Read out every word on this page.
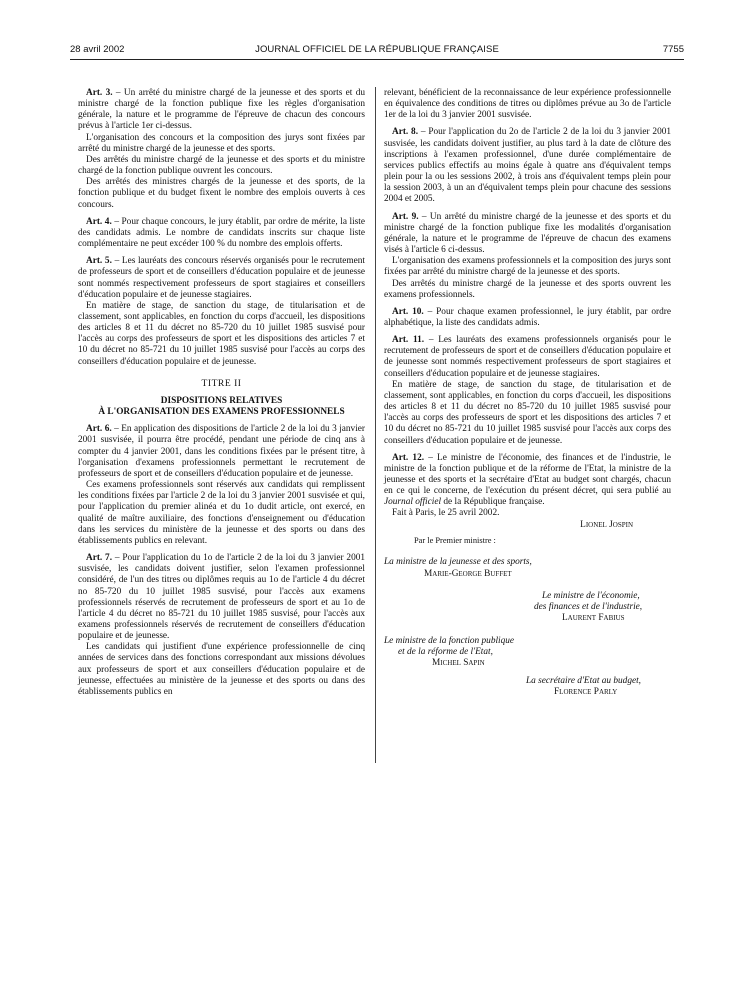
28 avril 2002	JOURNAL OFFICIEL DE LA RÉPUBLIQUE FRANÇAISE	7755

Art. 3. – Un arrêté du ministre chargé de la jeunesse et des sports et du ministre chargé de la fonction publique fixe les règles d'organisation générale, la nature et le programme de l'épreuve de chacun des concours prévus à l'article 1er ci-dessus.

L'organisation des concours et la composition des jurys sont fixées par arrêté du ministre chargé de la jeunesse et des sports.

Des arrêtés du ministre chargé de la jeunesse et des sports et du ministre chargé de la fonction publique ouvrent les concours.

Des arrêtés des ministres chargés de la jeunesse et des sports, de la fonction publique et du budget fixent le nombre des emplois ouverts à ces concours.

Art. 4. – Pour chaque concours, le jury établit, par ordre de mérite, la liste des candidats admis. Le nombre de candidats inscrits sur chaque liste complémentaire ne peut excéder 100 % du nombre des emplois offerts.

Art. 5. – Les lauréats des concours réservés organisés pour le recrutement de professeurs de sport et de conseillers d'éducation populaire et de jeunesse sont nommés respectivement professeurs de sport stagiaires et conseillers d'éducation populaire et de jeunesse stagiaires.

En matière de stage, de sanction du stage, de titularisation et de classement, sont applicables, en fonction du corps d'accueil, les dispositions des articles 8 et 11 du décret no 85-720 du 10 juillet 1985 susvisé pour l'accès au corps des professeurs de sport et les dispositions des articles 7 et 10 du décret no 85-721 du 10 juillet 1985 susvisé pour l'accès au corps des conseillers d'éducation populaire et de jeunesse.

TITRE II
DISPOSITIONS RELATIVES
À L'ORGANISATION DES EXAMENS PROFESSIONNELS

Art. 6. – En application des dispositions de l'article 2 de la loi du 3 janvier 2001 susvisée, il pourra être procédé, pendant une période de cinq ans à compter du 4 janvier 2001, dans les conditions fixées par le présent titre, à l'organisation d'examens professionnels permettant le recrutement de professeurs de sport et de conseillers d'éducation populaire et de jeunesse.

Ces examens professionnels sont réservés aux candidats qui remplissent les conditions fixées par l'article 2 de la loi du 3 janvier 2001 susvisée et qui, pour l'application du premier alinéa et du 1o dudit article, ont exercé, en qualité de maître auxiliaire, des fonctions d'enseignement ou d'éducation dans les services du ministère de la jeunesse et des sports ou dans des établissements publics en relevant.

Art. 7. – Pour l'application du 1o de l'article 2 de la loi du 3 janvier 2001 susvisée, les candidats doivent justifier, selon l'examen professionnel considéré, de l'un des titres ou diplômes requis au 1o de l'article 4 du décret no 85-720 du 10 juillet 1985 susvisé, pour l'accès aux examens professionnels réservés de recrutement de professeurs de sport et au 1o de l'article 4 du décret no 85-721 du 10 juillet 1985 susvisé, pour l'accès aux examens professionnels réservés de recrutement de conseillers d'éducation populaire et de jeunesse.

Les candidats qui justifient d'une expérience professionnelle de cinq années de services dans des fonctions correspondant aux missions dévolues aux professeurs de sport et aux conseillers d'éducation populaire et de jeunesse, effectuées au ministère de la jeunesse et des sports ou dans des établissements publics en

relevant, bénéficient de la reconnaissance de leur expérience professionnelle en équivalence des conditions de titres ou diplômes prévue au 3o de l'article 1er de la loi du 3 janvier 2001 susvisée.

Art. 8. – Pour l'application du 2o de l'article 2 de la loi du 3 janvier 2001 susvisée, les candidats doivent justifier, au plus tard à la date de clôture des inscriptions à l'examen professionnel, d'une durée complémentaire de services publics effectifs au moins égale à quatre ans d'équivalent temps plein pour la ou les sessions 2002, à trois ans d'équivalent temps plein pour la session 2003, à un an d'équivalent temps plein pour chacune des sessions 2004 et 2005.

Art. 9. – Un arrêté du ministre chargé de la jeunesse et des sports et du ministre chargé de la fonction publique fixe les modalités d'organisation générale, la nature et le programme de l'épreuve de chacun des examens visés à l'article 6 ci-dessus.

L'organisation des examens professionnels et la composition des jurys sont fixées par arrêté du ministre chargé de la jeunesse et des sports.

Des arrêtés du ministre chargé de la jeunesse et des sports ouvrent les examens professionnels.

Art. 10. – Pour chaque examen professionnel, le jury établit, par ordre alphabétique, la liste des candidats admis.

Art. 11. – Les lauréats des examens professionnels organisés pour le recrutement de professeurs de sport et de conseillers d'éducation populaire et de jeunesse sont nommés respectivement professeurs de sport stagiaires et conseillers d'éducation populaire et de jeunesse stagiaires.

En matière de stage, de sanction du stage, de titularisation et de classement, sont applicables, en fonction du corps d'accueil, les dispositions des articles 8 et 11 du décret no 85-720 du 10 juillet 1985 susvisé pour l'accès au corps des professeurs de sport et les dispositions des articles 7 et 10 du décret no 85-721 du 10 juillet 1985 susvisé pour l'accès aux corps des conseillers d'éducation populaire et de jeunesse.

Art. 12. – Le ministre de l'économie, des finances et de l'industrie, le ministre de la fonction publique et de la réforme de l'Etat, la ministre de la jeunesse et des sports et la secrétaire d'Etat au budget sont chargés, chacun en ce qui le concerne, de l'exécution du présent décret, qui sera publié au Journal officiel de la République française.

Fait à Paris, le 25 avril 2002.

Lionel Jospin
Par le Premier ministre :
La ministre de la jeunesse et des sports,
Marie-George Buffet
Le ministre de l'économie,
des finances et de l'industrie,
Laurent Fabius
Le ministre de la fonction publique
et de la réforme de l'Etat,
Michel Sapin
La secrétaire d'Etat au budget,
Florence Parly
